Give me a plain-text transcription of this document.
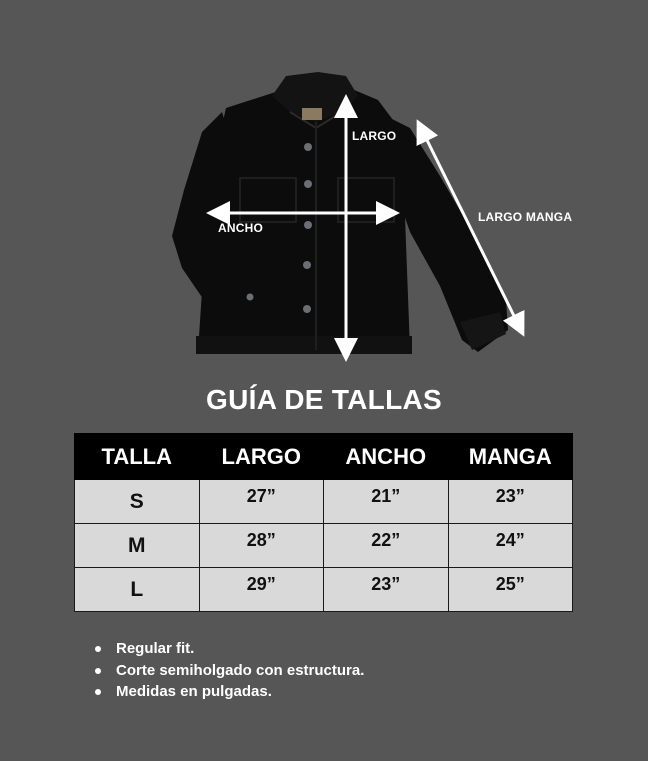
LARGO
ANCHO
LARGO MANGA
GUÍA DE TALLAS
TALLA	LARGO	ANCHO	MANGA
S	27”	21”	23”
M	28”	22”	24”
L	29”	23”	25”
Regular fit.
Corte semiholgado con estructura.
Medidas en pulgadas.
